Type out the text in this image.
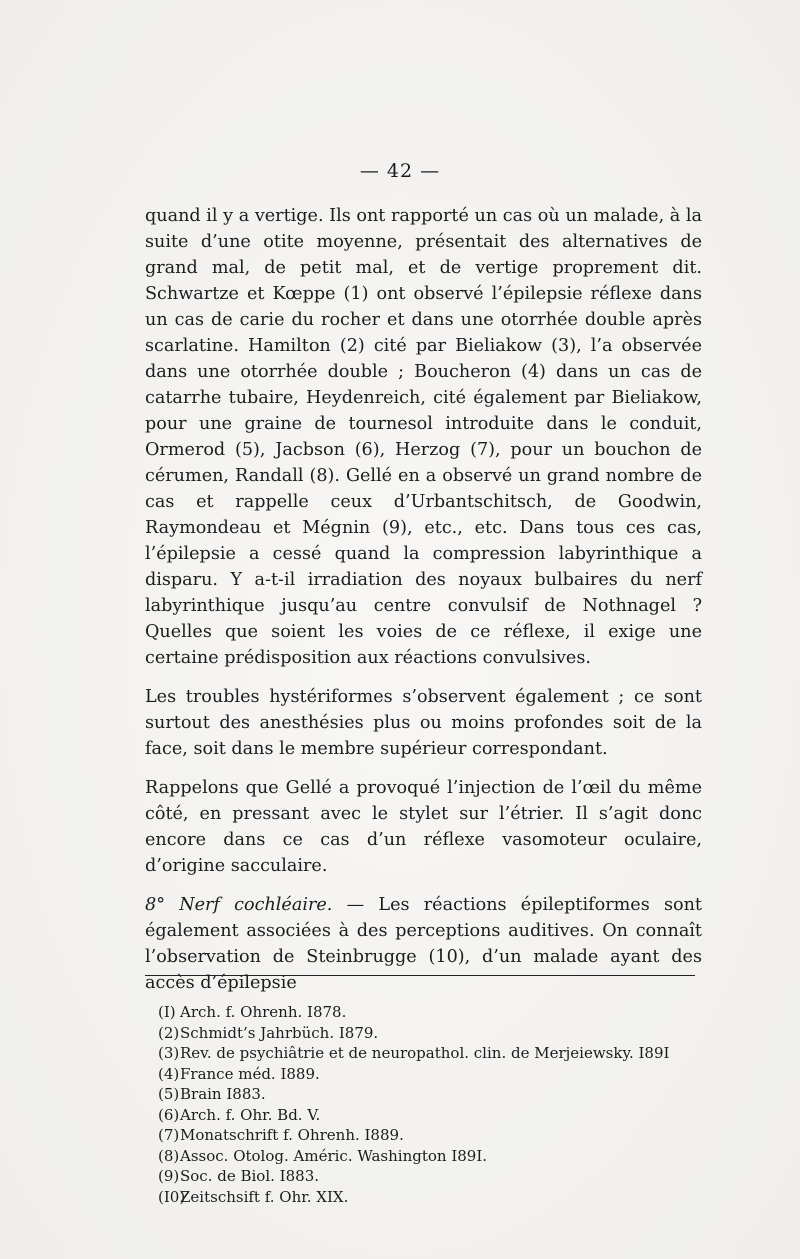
— 42 —

quand il y a vertige. Ils ont rapporté un cas où un malade, à la suite d’une otite moyenne, présentait des alternatives de grand mal, de petit mal, et de vertige proprement dit. Schwartze et Kœppe (1) ont observé l’épilepsie réflexe dans un cas de carie du rocher et dans une otorrhée double après scarlatine. Hamilton (2) cité par Bieliakow (3), l’a observée dans une otorrhée double ; Boucheron (4) dans un cas de catarrhe tubaire, Heydenreich, cité également par Bieliakow, pour une graine de tournesol introduite dans le conduit, Ormerod (5), Jacbson (6), Herzog (7), pour un bouchon de cérumen, Randall (8). Gellé en a observé un grand nombre de cas et rappelle ceux d’Urbantschitsch, de Goodwin, Raymondeau et Mégnin (9), etc., etc. Dans tous ces cas, l’épilepsie a cessé quand la compression labyrinthique a disparu. Y a-t-il irradiation des noyaux bulbaires du nerf labyrinthique jusqu’au centre convulsif de Nothnagel ? Quelles que soient les voies de ce réflexe, il exige une certaine prédisposition aux réactions convulsives.

Les troubles hystériformes s’observent également ; ce sont surtout des anesthésies plus ou moins profondes soit de la face, soit dans le membre supérieur correspondant.

Rappelons que Gellé a provoqué l’injection de l’œil du même côté, en pressant avec le stylet sur l’étrier. Il s’agit donc encore dans ce cas d’un réflexe vasomoteur oculaire, d’origine sacculaire.

8° Nerf cochléaire. — Les réactions épileptiformes sont également associées à des perceptions auditives. On connaît l’observation de Steinbrugge (10), d’un malade ayant des accès d’épilepsie

(I) Arch. f. Ohrenh. I878.
(2) Schmidt’s Jahrbüch. I879.
(3) Rev. de psychiâtrie et de neuropathol. clin. de Merjeiewsky. I89I
(4) France méd. I889.
(5) Brain I883.
(6) Arch. f. Ohr. Bd. V.
(7) Monatschrift f. Ohrenh. I889.
(8) Assoc. Otolog. Améric. Washington I89I.
(9) Soc. de Biol. I883.
(I0)
Zeitschsift f. Ohr. XIX.
